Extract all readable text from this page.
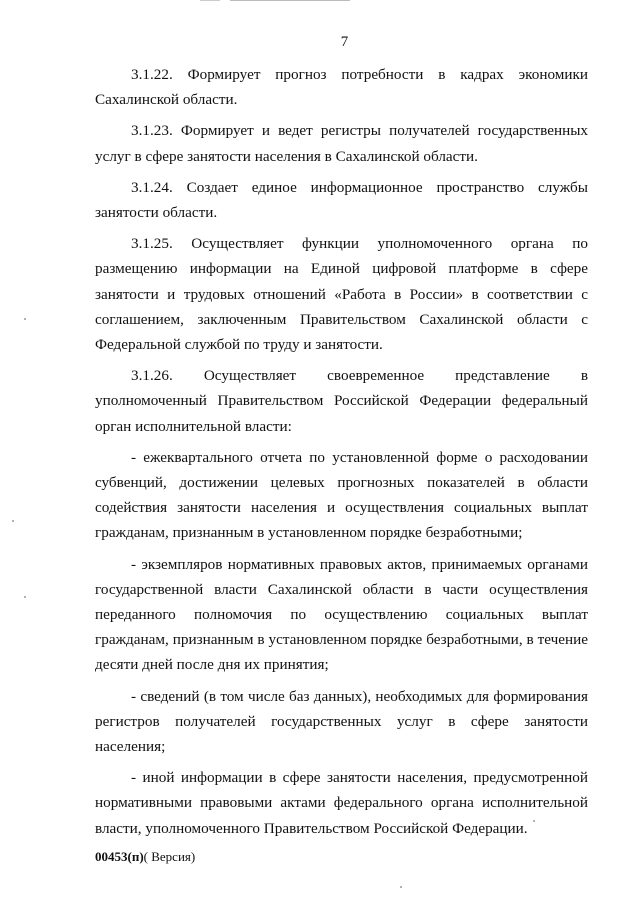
7

3.1.22. Формирует прогноз потребности в кадрах экономики Сахалинской области.

3.1.23. Формирует и ведет регистры получателей государственных услуг в сфере занятости населения в Сахалинской области.

3.1.24. Создает единое информационное пространство службы занятости области.

3.1.25. Осуществляет функции уполномоченного органа по размещению информации на Единой цифровой платформе в сфере занятости и трудовых отношений «Работа в России» в соответствии с соглашением, заключенным Правительством Сахалинской области с Федеральной службой по труду и занятости.

3.1.26. Осуществляет своевременное представление в уполномоченный Правительством Российской Федерации федеральный орган исполнительной власти:

- ежеквартального отчета по установленной форме о расходовании субвенций, достижении целевых прогнозных показателей в области содействия занятости населения и осуществления социальных выплат гражданам, признанным в установленном порядке безработными;

- экземпляров нормативных правовых актов, принимаемых органами государственной власти Сахалинской области в части осуществления переданного полномочия по осуществлению социальных выплат гражданам, признанным в установленном порядке безработными, в течение десяти дней после дня их принятия;

- сведений (в том числе баз данных), необходимых для формирования регистров получателей государственных услуг в сфере занятости населения;

- иной информации в сфере занятости населения, предусмотренной нормативными правовыми актами федерального органа исполнительной власти, уполномоченного Правительством Российской Федерации.

00453(п)( Версия)
